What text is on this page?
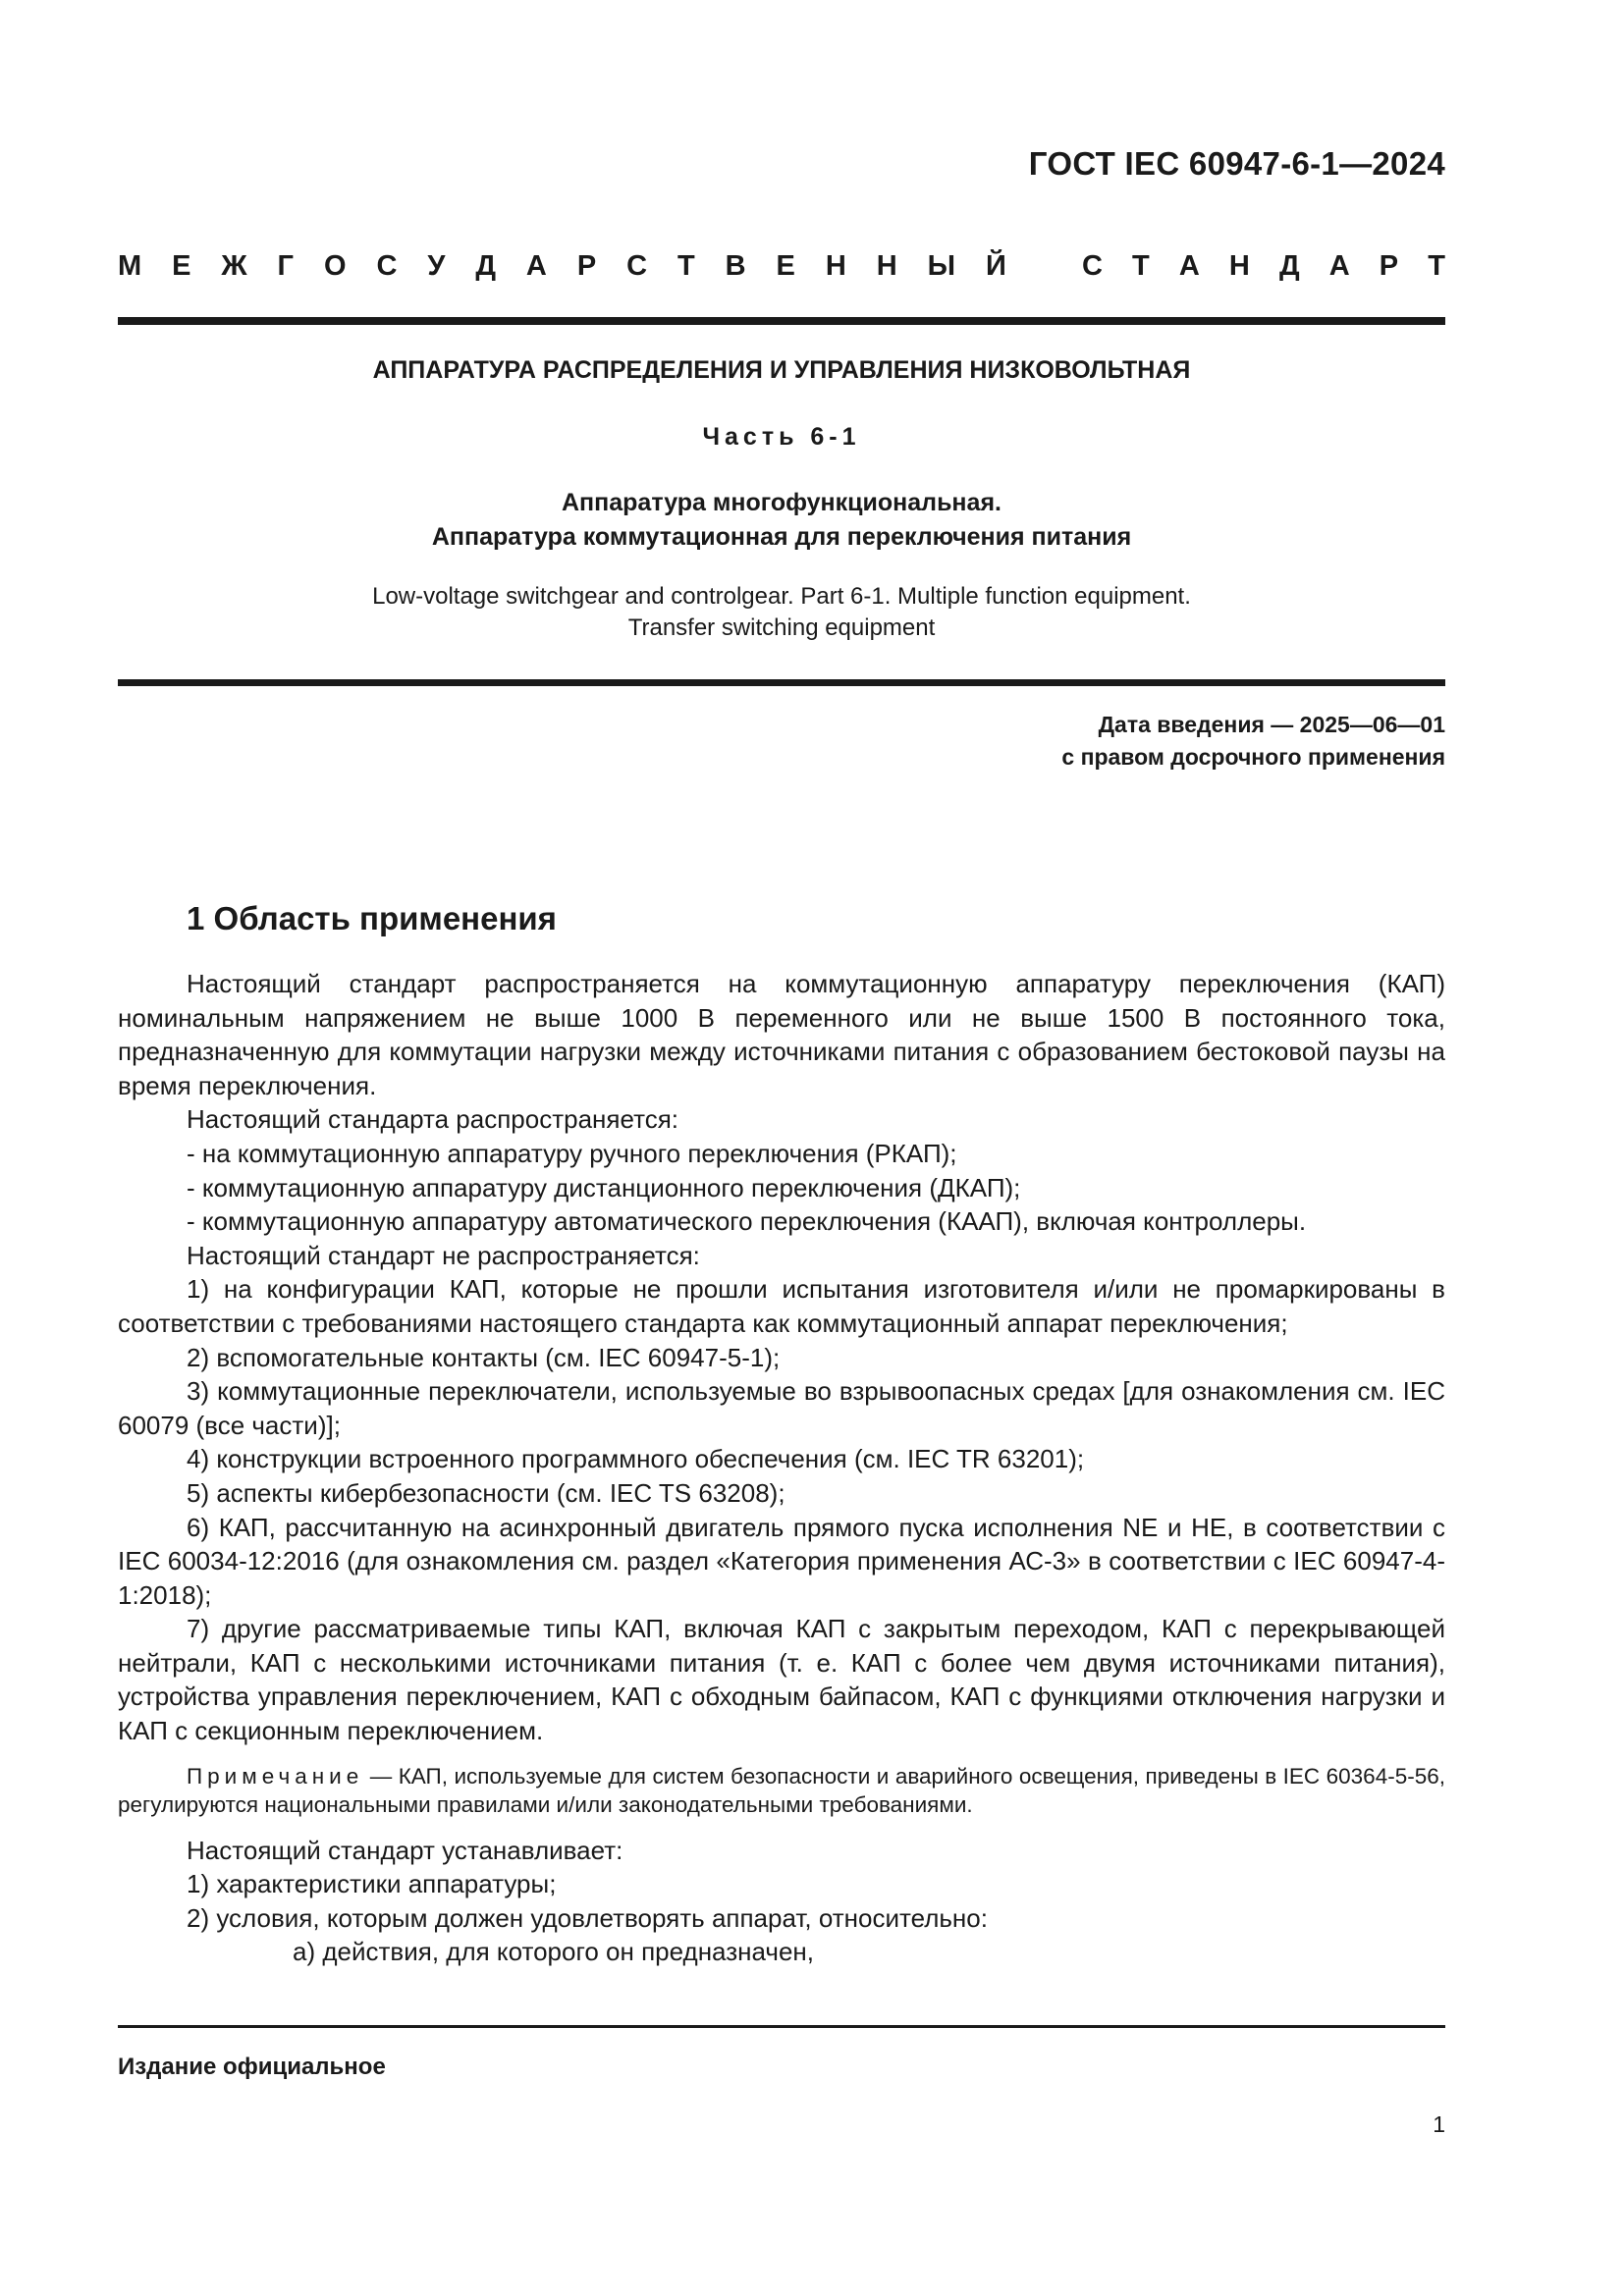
ГОСТ IEC 60947-6-1—2024
М Е Ж Г О С У Д А Р С Т В Е Н Н Ы Й	С Т А Н Д А Р Т
АППАРАТУРА РАСПРЕДЕЛЕНИЯ И УПРАВЛЕНИЯ НИЗКОВОЛЬТНАЯ
Часть 6-1
Аппаратура многофункциональная.
Аппаратура коммутационная для переключения питания
Low-voltage switchgear and controlgear. Part 6-1. Multiple function equipment.
Transfer switching equipment
Дата введения — 2025—06—01
с правом досрочного применения
1 Область применения

Настоящий стандарт распространяется на коммутационную аппаратуру переключения (КАП) номинальным напряжением не выше 1000 В переменного или не выше 1500 В постоянного тока, предназначенную для коммутации нагрузки между источниками питания с образованием бестоковой паузы на время переключения.

Настоящий стандарта распространяется:

- на коммутационную аппаратуру ручного переключения (РКАП);

- коммутационную аппаратуру дистанционного переключения (ДКАП);

- коммутационную аппаратуру автоматического переключения (КААП), включая контроллеры.

Настоящий стандарт не распространяется:

1) на конфигурации КАП, которые не прошли испытания изготовителя и/или не промаркированы в соответствии с требованиями настоящего стандарта как коммутационный аппарат переключения;

2) вспомогательные контакты (см. IEC 60947-5-1);

3) коммутационные переключатели, используемые во взрывоопасных средах [для ознакомления см. IEC 60079 (все части)];

4) конструкции встроенного программного обеспечения (см. IEC TR 63201);

5) аспекты кибербезопасности (см. IEC TS 63208);

6) КАП, рассчитанную на асинхронный двигатель прямого пуска исполнения NE и HE, в соответствии с IEC 60034-12:2016 (для ознакомления см. раздел «Категория применения АС-3» в соответствии с IEC 60947-4-1:2018);

7) другие рассматриваемые типы КАП, включая КАП с закрытым переходом, КАП с перекрывающей нейтрали, КАП с несколькими источниками питания (т. е. КАП с более чем двумя источниками питания), устройства управления переключением, КАП с обходным байпасом, КАП с функциями отключения нагрузки и КАП с секционным переключением.

Примечание — КАП, используемые для систем безопасности и аварийного освещения, приведены в IEC 60364-5-56, регулируются национальными правилами и/или законодательными требованиями.

Настоящий стандарт устанавливает:

1) характеристики аппаратуры;

2) условия, которым должен удовлетворять аппарат, относительно:

а) действия, для которого он предназначен,

Издание официальное
1
